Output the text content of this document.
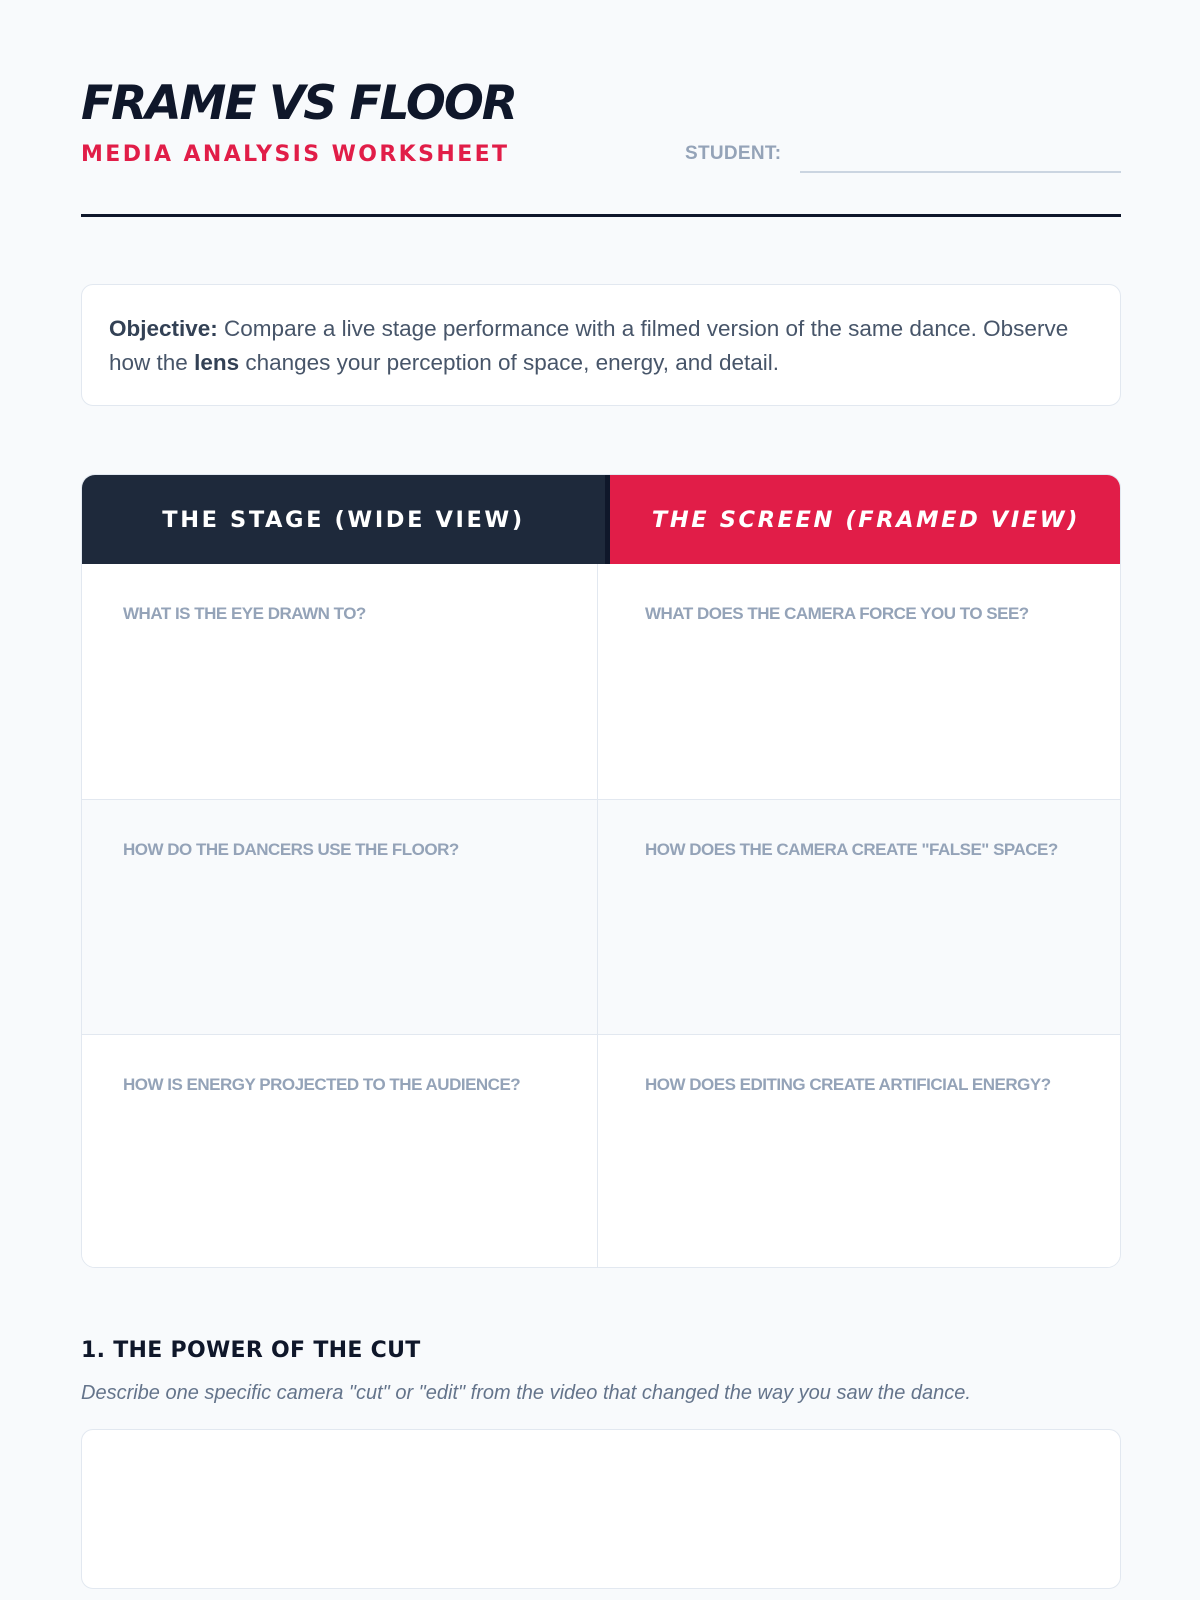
FRAME VS FLOOR
MEDIA ANALYSIS WORKSHEET	STUDENT:
Objective: Compare a live stage performance with a filmed version of the same dance. Observe how the lens changes your perception of space, energy, and detail.
THE STAGE (WIDE VIEW)	THE SCREEN (FRAMED VIEW)
WHAT IS THE EYE DRAWN TO?	WHAT DOES THE CAMERA FORCE YOU TO SEE?
HOW DO THE DANCERS USE THE FLOOR?	HOW DOES THE CAMERA CREATE "FALSE" SPACE?
HOW IS ENERGY PROJECTED TO THE AUDIENCE?	HOW DOES EDITING CREATE ARTIFICIAL ENERGY?
1. THE POWER OF THE CUT

Describe one specific camera "cut" or "edit" from the video that changed the way you saw the dance.
